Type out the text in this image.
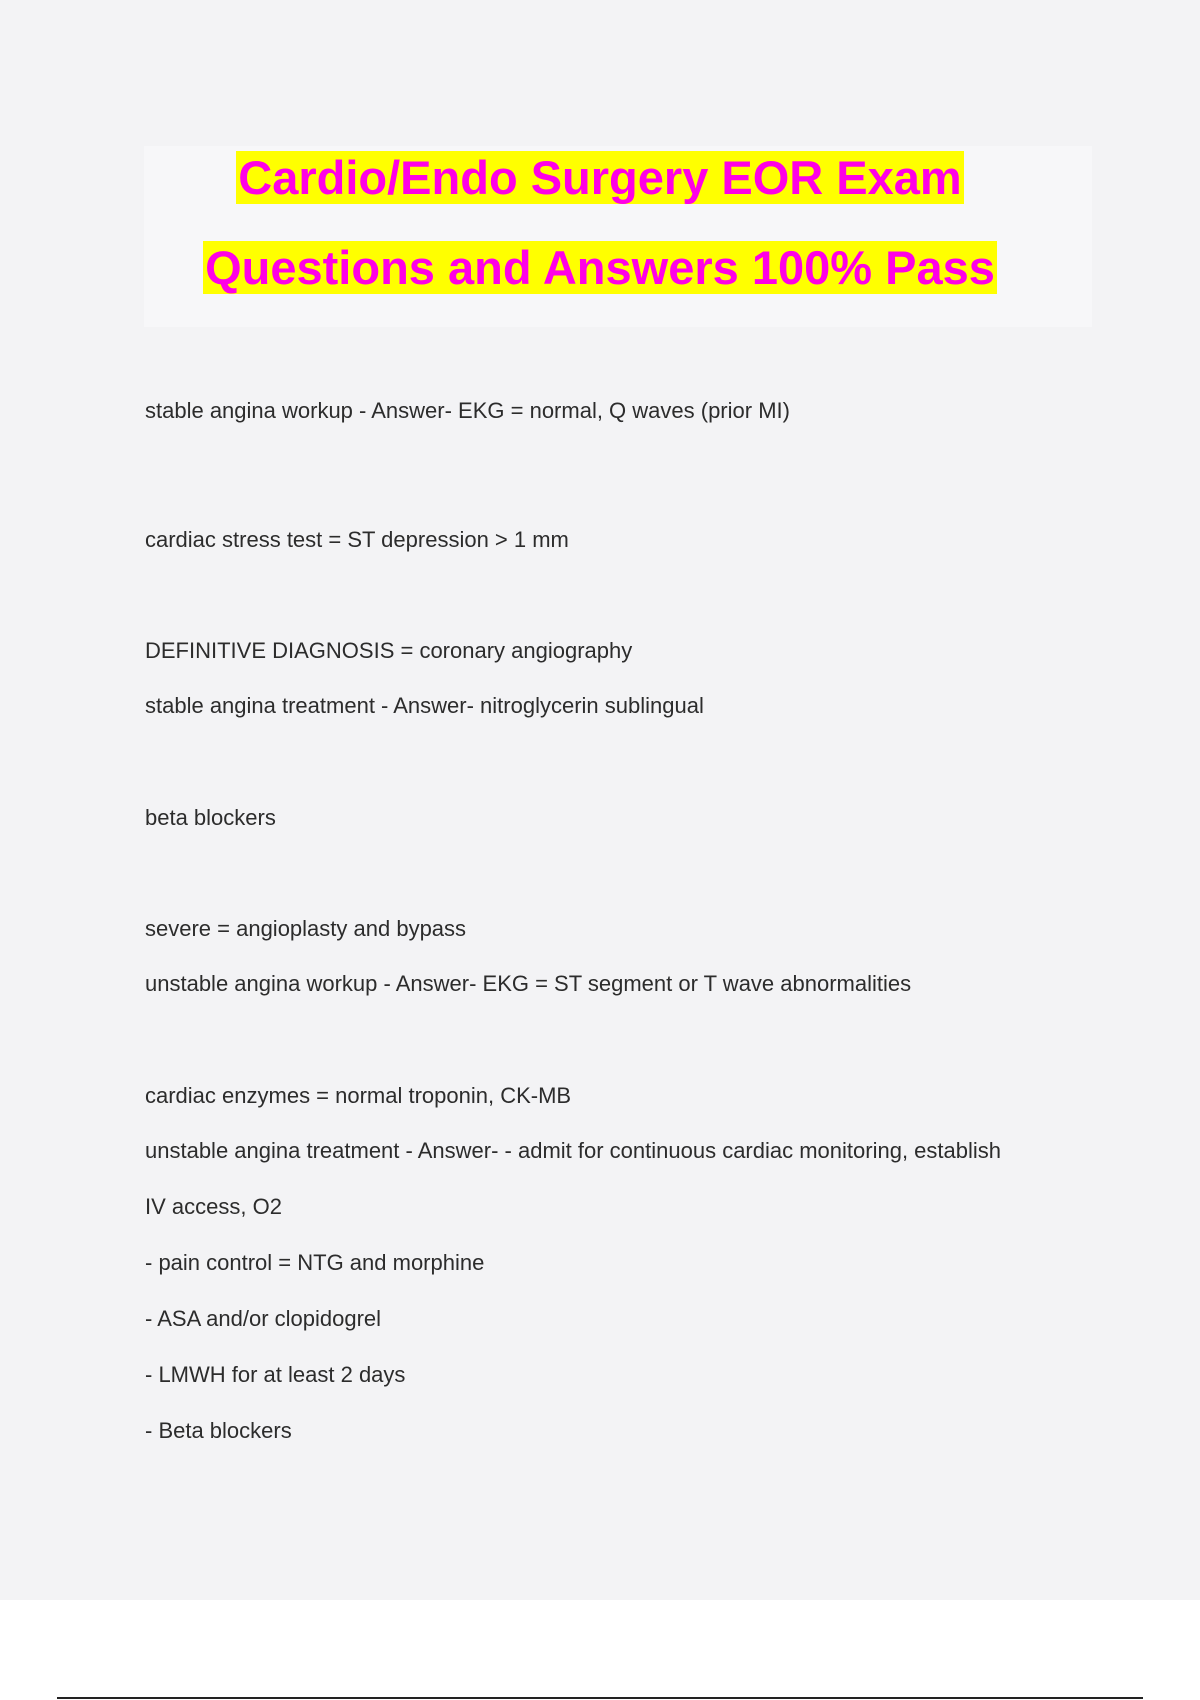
Cardio/Endo Surgery EOR Exam
Questions and Answers 100% Pass
stable angina workup - Answer- EKG = normal, Q waves (prior MI)
cardiac stress test = ST depression > 1 mm
DEFINITIVE DIAGNOSIS = coronary angiography
stable angina treatment - Answer- nitroglycerin sublingual
beta blockers
severe = angioplasty and bypass
unstable angina workup - Answer- EKG = ST segment or T wave abnormalities
cardiac enzymes = normal troponin, CK-MB
unstable angina treatment - Answer- - admit for continuous cardiac monitoring, establish
IV access, O2
- pain control = NTG and morphine
- ASA and/or clopidogrel
- LMWH for at least 2 days
- Beta blockers
